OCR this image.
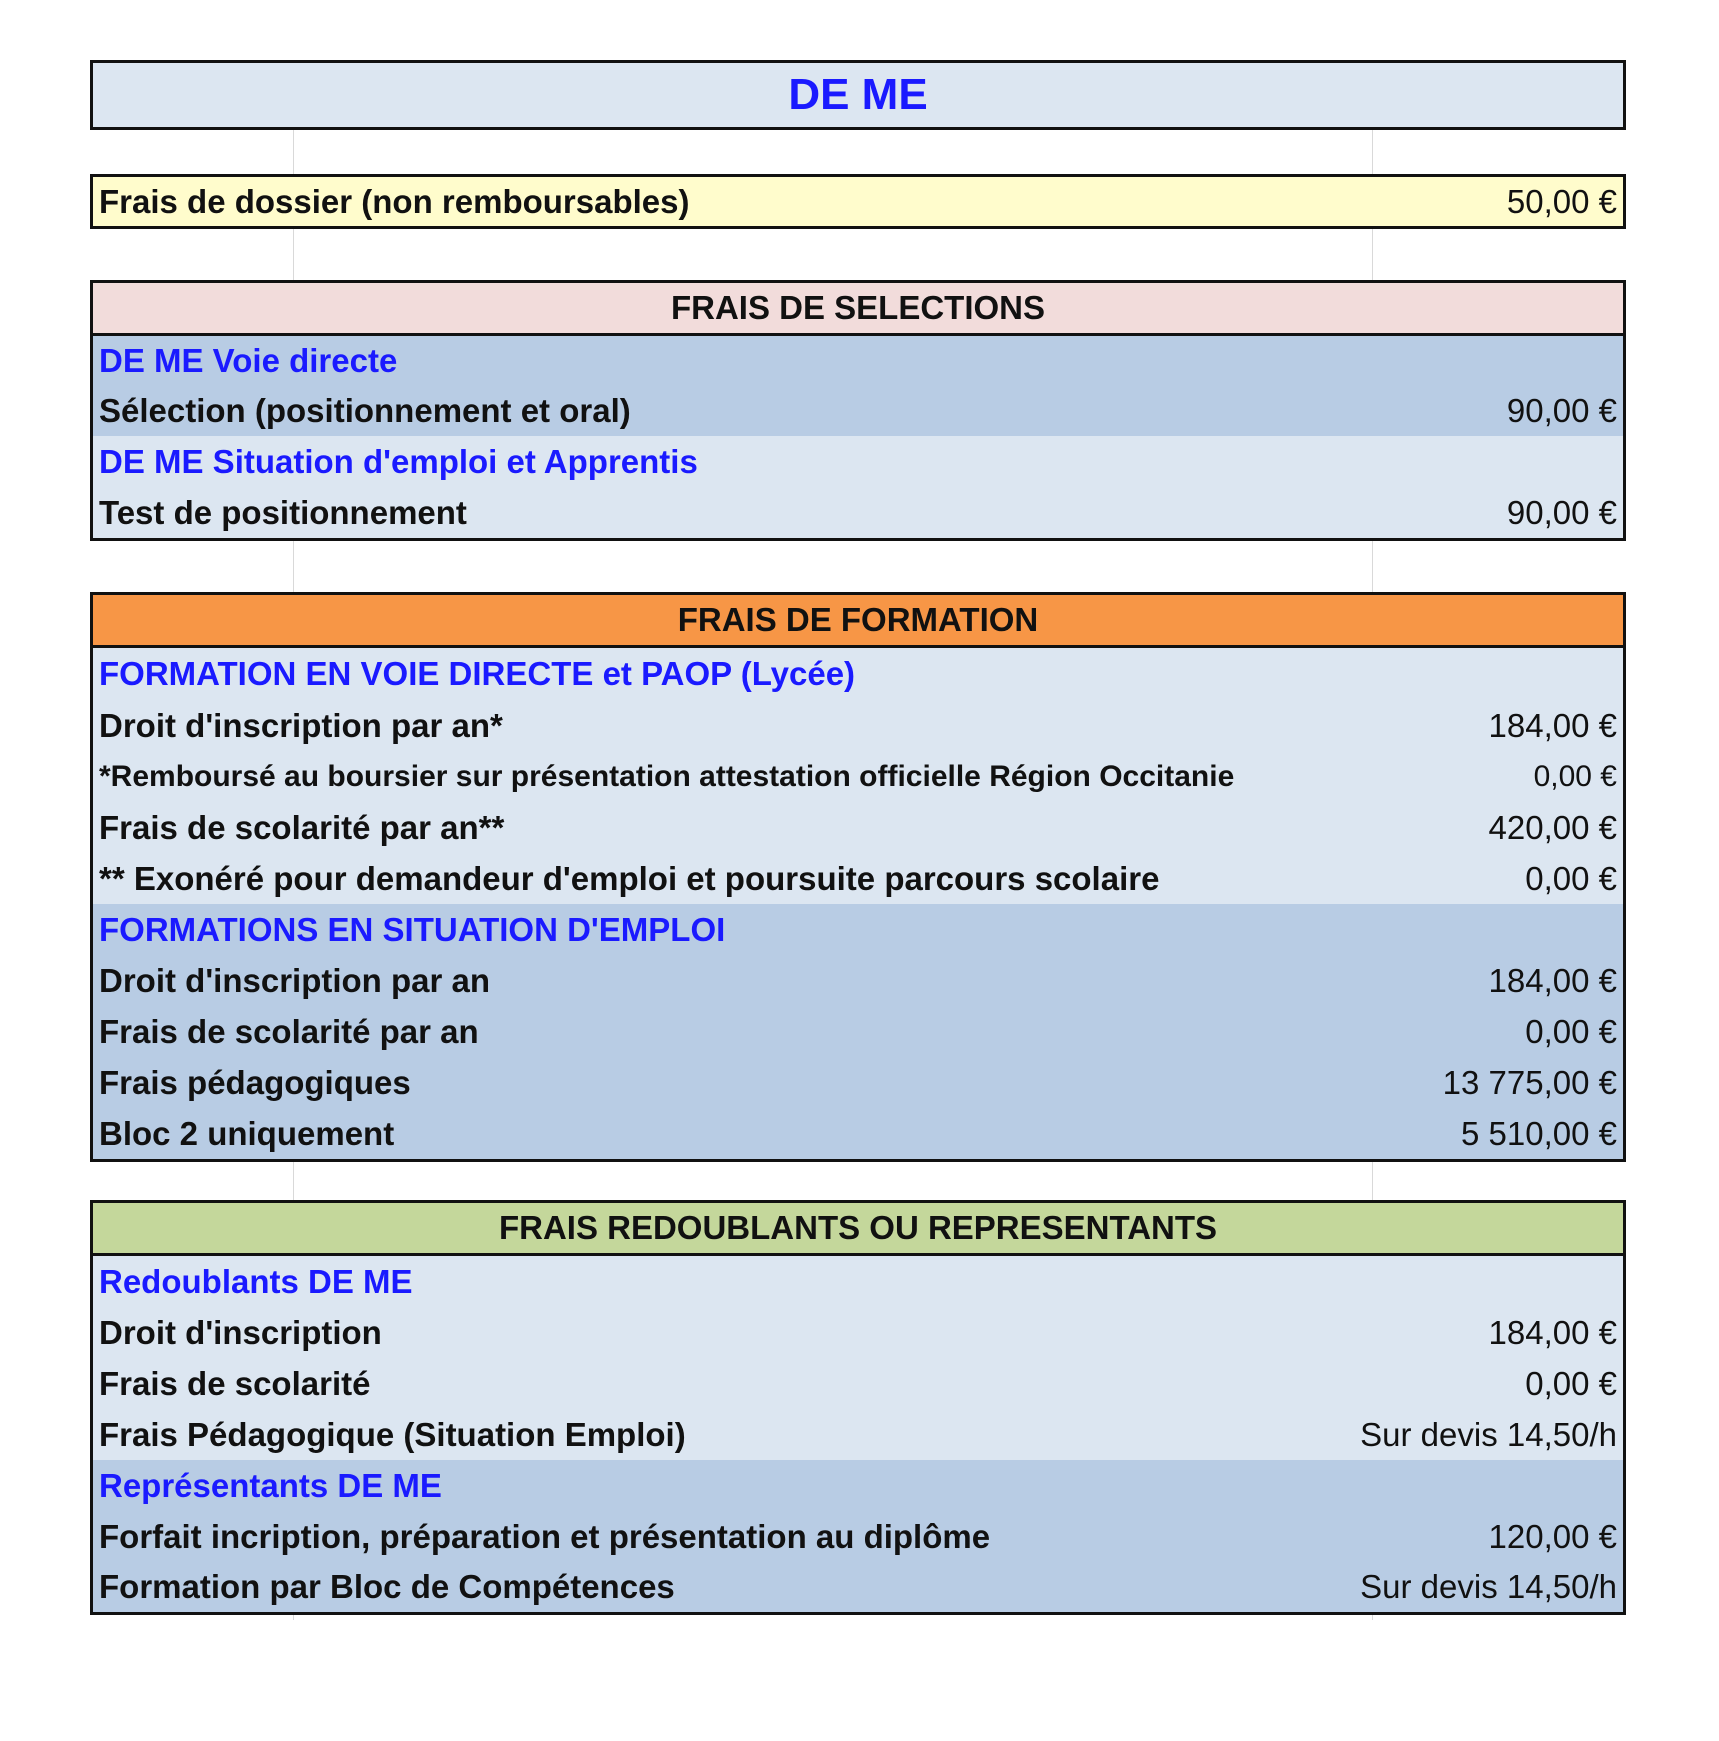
DE ME
Frais de dossier (non remboursables)	50,00 €
FRAIS DE SELECTIONS
DE ME Voie directe
Sélection (positionnement et oral)	90,00 €
DE ME Situation d'emploi et Apprentis
Test de positionnement	90,00 €
FRAIS DE FORMATION
FORMATION EN VOIE DIRECTE et PAOP (Lycée)
Droit d'inscription par an*	184,00 €
*Remboursé au boursier sur présentation attestation officielle Région Occitanie	0,00 €
Frais de scolarité par an**	420,00 €
** Exonéré pour demandeur d'emploi et poursuite parcours scolaire	0,00 €
FORMATIONS EN SITUATION D'EMPLOI
Droit d'inscription par an	184,00 €
Frais de scolarité par an	0,00 €
Frais pédagogiques	13 775,00 €
Bloc 2 uniquement	5 510,00 €
FRAIS REDOUBLANTS OU REPRESENTANTS
Redoublants DE ME
Droit d'inscription	184,00 €
Frais de scolarité	0,00 €
Frais Pédagogique (Situation Emploi)	Sur devis 14,50/h
Représentants DE ME
Forfait incription, préparation et présentation au diplôme	120,00 €
Formation par Bloc de Compétences	Sur devis 14,50/h
